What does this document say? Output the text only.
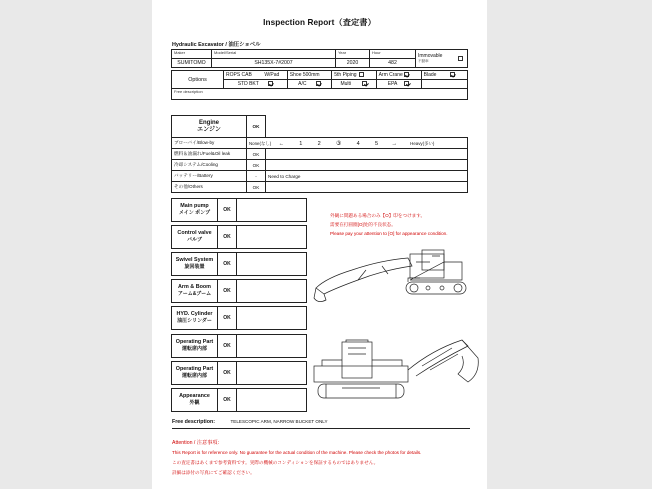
Inspection Report（査定書）
Hydraulic Excavator / 油圧ショベル
Maker	Model/Serial	Year	Hour	Immovable
不動車

SUMITOMO	SH135X-7#2007	2020	482	
Options	ROPS CAB	W/Pad	Shoe 500mm	5th Piping	Arm Crane	Blade
	STD BKT		A/C	Multi	EPA	
Free description						
Engine
エンジン	OK	
ブローバイ/Blow-by	None(なし) ← 1 2 ③ 4 5 → Heavy(多い)	
燃料＆油漏れ/Fuel&Oil leak	OK	
冷却システム/Cooling	OK	
バッテリー/Battery	-	Need to Charge
その他/Others	OK	
Main pump
メイン ポンプ	OK	
Control valve
バルブ	OK	
Swivel System
旋回装置	OK	
Arm & Boom
アーム&ブーム	OK	
HYD. Cylinder
油圧シリンダー	OK	
Operating Part
運転席内部	OK	
Operating Part
運転席内部	OK	
Appearance
外観	OK	
外観に問題ある場合のみ【O】印をつけます。
需要在打圆圈[O]处的不良状态。
Please pay your attention to [O] for appearance condition.
Free description:	TELESCOPIC ARM, NARROW BUCKET ONLY
Attention / 注意事項：
This Report is for reference only. No guarantee for the actual condition of the machine. Please check the photos for details.
この査定書はあくまで参考資料です。実際の機械のコンディションを保証するものではありません。
詳細は添付の写真にてご確認ください。
